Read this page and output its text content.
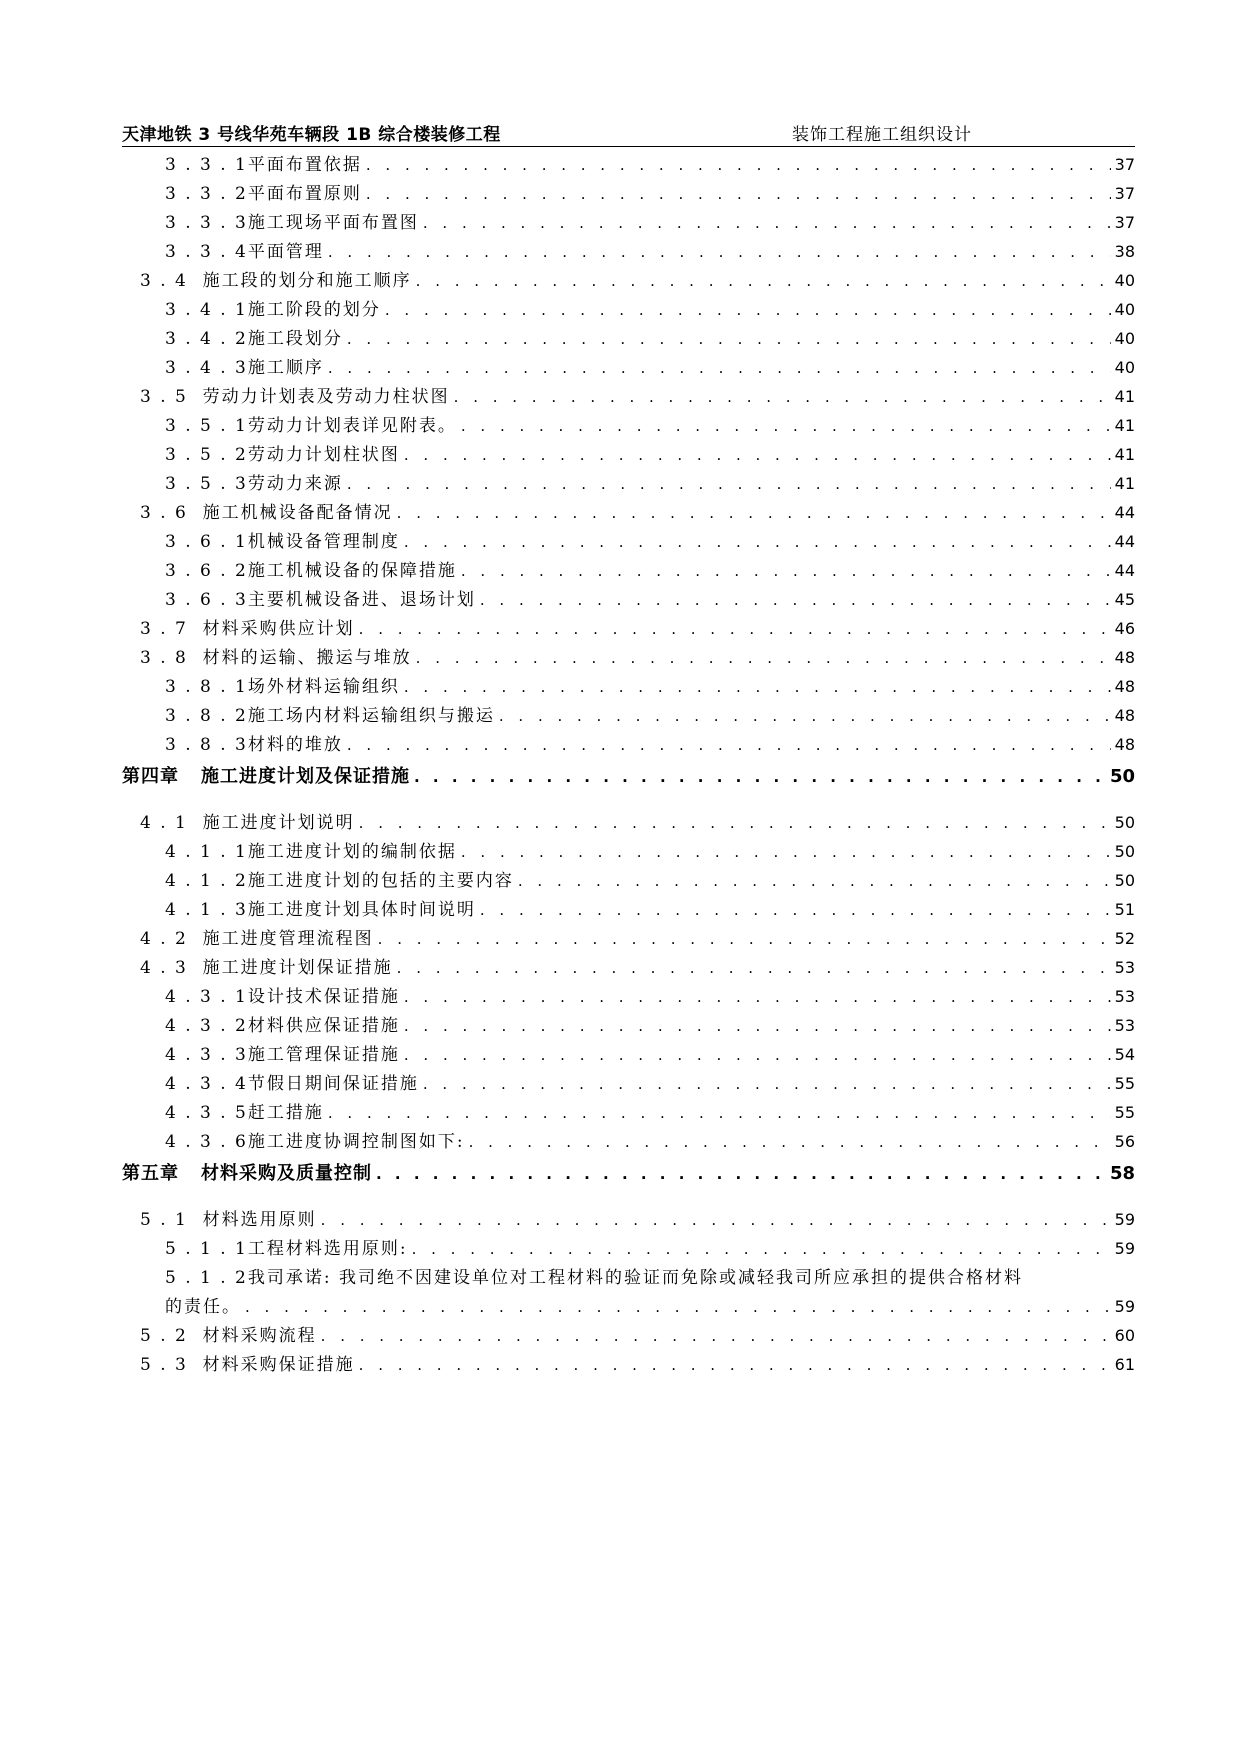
天津地铁 3 号线华苑车辆段 1B 综合楼装修工程	装饰工程施工组织设计
3 . 3 . 1 平面布置依据 . . .	37
3 . 3 . 2 平面布置原则 . . .	37
3 . 3 . 3 施工现场平面布置图 . . .	37
3 . 3 . 4 平面管理 . . .	38
3 . 4 施工段的划分和施工顺序 . . .	40
3 . 4 . 1 施工阶段的划分 . . .	40
3 . 4 . 2 施工段划分 . . .	40
3 . 4 . 3 施工顺序 . . .	40
3 . 5 劳动力计划表及劳动力柱状图 . . .	41
3 . 5 . 1 劳动力计划表详见附表。 . . .	41
3 . 5 . 2 劳动力计划柱状图 . . .	41
3 . 5 . 3 劳动力来源 . . .	41
3 . 6 施工机械设备配备情况 . . .	44
3 . 6 . 1 机械设备管理制度 . . .	44
3 . 6 . 2 施工机械设备的保障措施 . . .	44
3 . 6 . 3 主要机械设备进、退场计划 . . .	45
3 . 7 材料采购供应计划 . . .	46
3 . 8 材料的运输、搬运与堆放 . . .	48
3 . 8 . 1 场外材料运输组织 . . .	48
3 . 8 . 2 施工场内材料运输组织与搬运 . . .	48
3 . 8 . 3 材料的堆放 . . .	48
第四章 施工进度计划及保证措施 . . .	50
4 . 1 施工进度计划说明 . . .	50
4 . 1 . 1 施工进度计划的编制依据 . . .	50
4 . 1 . 2 施工进度计划的包括的主要内容 . . .	50
4 . 1 . 3 施工进度计划具体时间说明 . . .	51
4 . 2 施工进度管理流程图 . . .	52
4 . 3 施工进度计划保证措施 . . .	53
4 . 3 . 1 设计技术保证措施 . . .	53
4 . 3 . 2 材料供应保证措施 . . .	53
4 . 3 . 3 施工管理保证措施 . . .	54
4 . 3 . 4 节假日期间保证措施 . . .	55
4 . 3 . 5 赶工措施 . . .	55
4 . 3 . 6 施工进度协调控制图如下: . . .	56
第五章 材料采购及质量控制 . . .	58
5 . 1 材料选用原则 . . .	59
5 . 1 . 1 工程材料选用原则: . . .	59
5 . 1 . 2我司承诺: 我司绝不因建设单位对工程材料的验证而免除或减轻我司所应承担的提供合格材料
的责任。 . . .	59
5 . 2 材料采购流程 . . .	60
5 . 3 材料采购保证措施 . . .	61
